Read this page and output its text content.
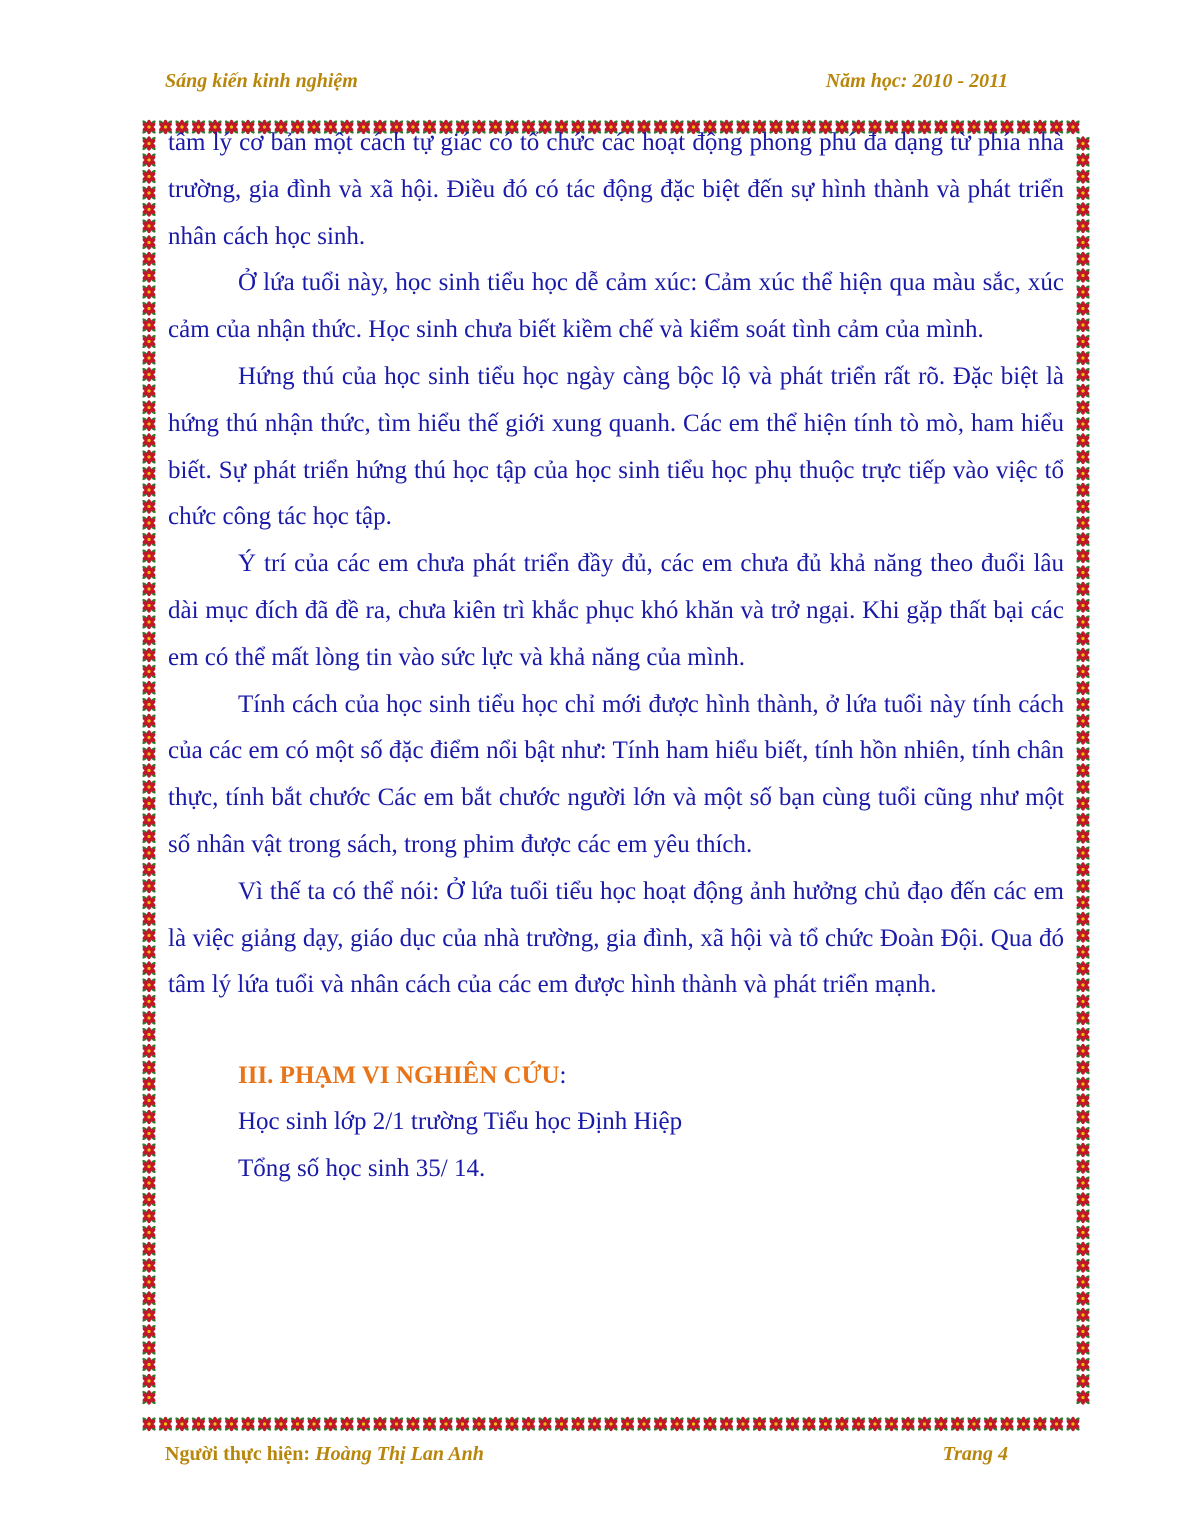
Sáng kiến kinh nghiệm	Năm học: 2010 - 2011

tâm lý cơ bản một cách tự giác có tổ chức các hoạt động phong phú đa dạng từ phía nhà trường, gia đình và xã hội. Điều đó có tác động đặc biệt đến sự hình thành và phát triển nhân cách học sinh.

Ở lứa tuổi này, học sinh tiểu học dễ cảm xúc: Cảm xúc thể hiện qua màu sắc, xúc cảm của nhận thức. Học sinh chưa biết kiềm chế và kiểm soát tình cảm của mình.

Hứng thú của học sinh tiểu học ngày càng bộc lộ và phát triển rất rõ. Đặc biệt là hứng thú nhận thức, tìm hiểu thế giới xung quanh. Các em thể hiện tính tò mò, ham hiểu biết. Sự phát triển hứng thú học tập của học sinh tiểu học phụ thuộc trực tiếp vào việc tổ chức công tác học tập.

Ý trí của các em chưa phát triển đầy đủ, các em chưa đủ khả năng theo đuổi lâu dài mục đích đã đề ra, chưa kiên trì khắc phục khó khăn và trở ngại. Khi gặp thất bại các em có thể mất lòng tin vào sức lực và khả năng của mình.

Tính cách của học sinh tiểu học chỉ mới được hình thành, ở lứa tuổi này tính cách của các em có một số đặc điểm nổi bật như: Tính ham hiểu biết, tính hồn nhiên, tính chân thực, tính bắt chước Các em bắt chước người lớn và một số bạn cùng tuổi cũng như một số nhân vật trong sách, trong phim được các em yêu thích.

Vì thế ta có thể nói: Ở lứa tuổi tiểu học hoạt động ảnh hưởng chủ đạo đến các em là việc giảng dạy, giáo dục của nhà trường, gia đình, xã hội và tổ chức Đoàn Đội. Qua đó tâm lý lứa tuổi và nhân cách của các em được hình thành và phát triển mạnh.

III. PHẠM VI NGHIÊN CỨU:

Học sinh lớp 2/1 trường Tiểu học Định Hiệp

Tổng số học sinh 35/ 14.

Người thực hiện: Hoàng Thị Lan Anh	Trang 4
